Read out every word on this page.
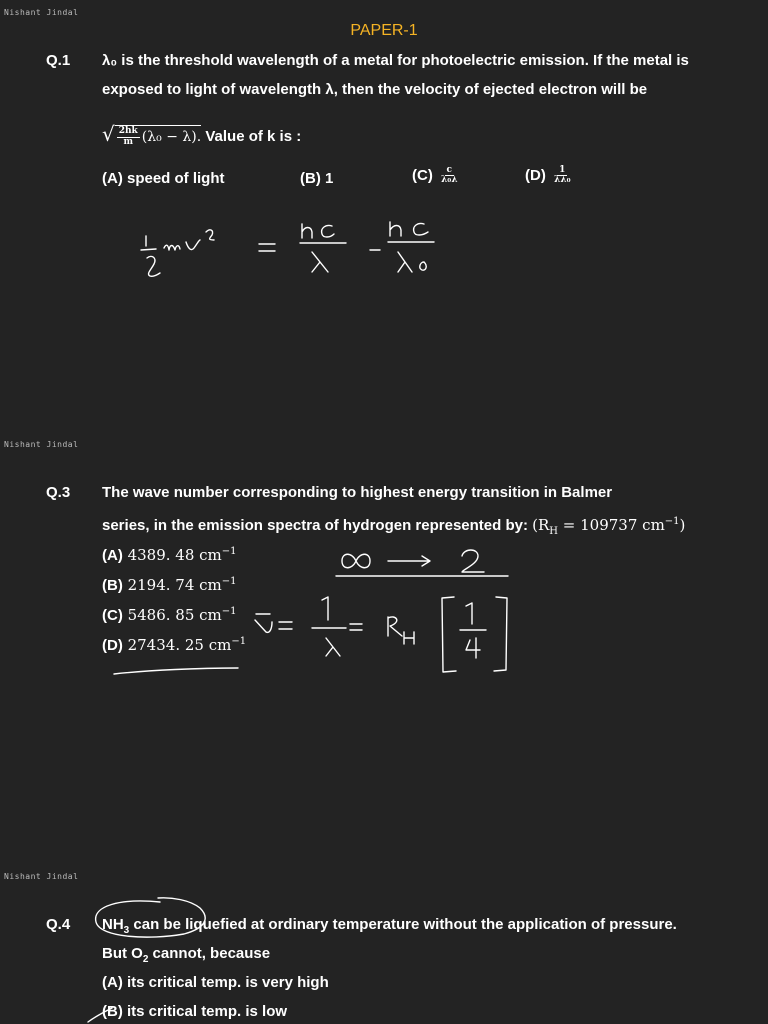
Nishant Jindal
Nishant Jindal
Nishant Jindal
PAPER-1
Q.1 λ₀ is the threshold wavelength of a metal for photoelectric emission. If the metal is
exposed to light of wavelength λ, then the velocity of ejected electron will be
√ $\frac{2hk}{m} (\lambda_0 - \lambda)$. Value of k is :
(A) speed of light	(B) 1	$(C) \frac{c}{\text{λ₀λ}}$	$(D) \frac{1}{\text{λλ₀}}$
Q.3 The wave number corresponding to highest energy transition in Balmer
series, in the emission spectra of hydrogen represented by: ($R_H = 109737$ $cm^{-1}$)
(A) 4389. 48 $cm^{-1}$
(B) 2194. 74 $cm^{-1}$
(C) 5486. 85 $cm^{-1}$
(D) 27434. 25 $cm^{-1}$
Q.4 $NH_3$ can be liquefied at ordinary temperature without the application of pressure.
But $O_2$ cannot, because
(A) its critical temp. is very high
(B) its critical temp. is low
